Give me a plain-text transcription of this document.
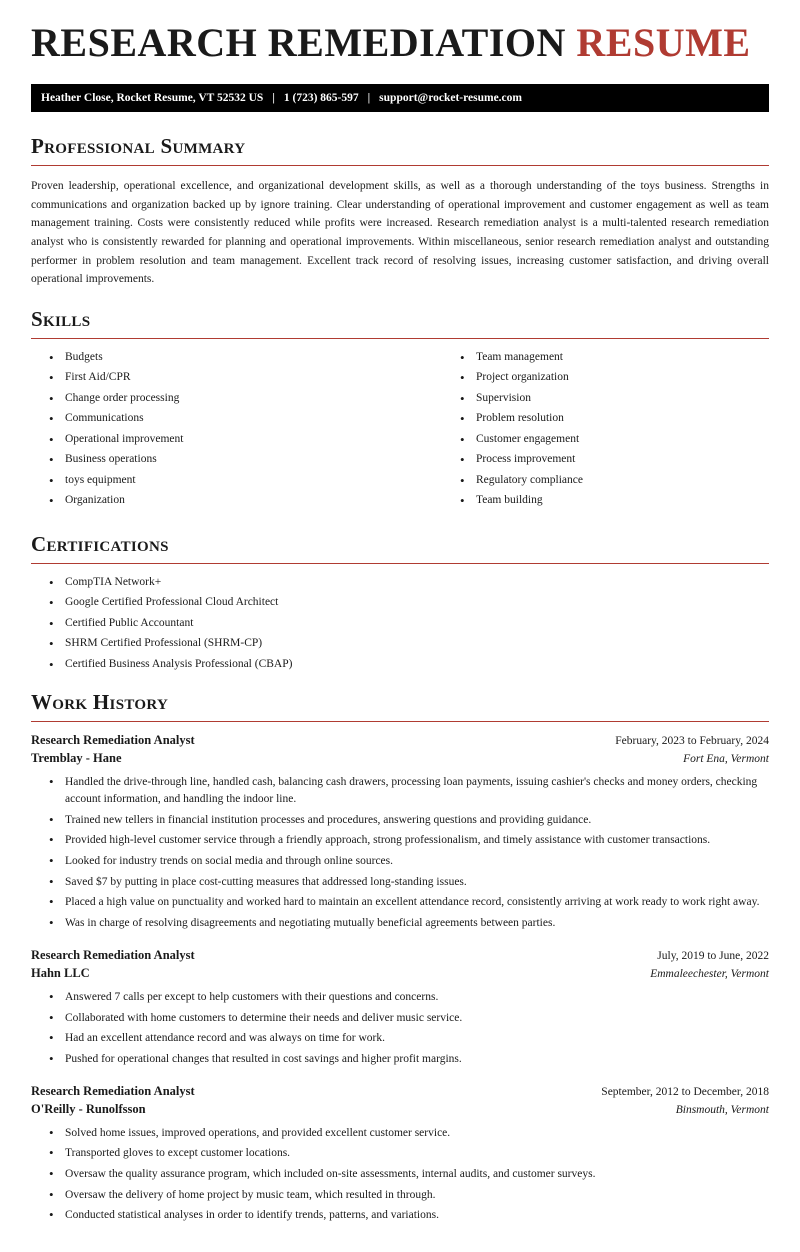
RESEARCH REMEDIATION RESUME
Heather Close, Rocket Resume, VT 52532 US | 1 (723) 865-597 | support@rocket-resume.com
Professional Summary

Proven leadership, operational excellence, and organizational development skills, as well as a thorough understanding of the toys business. Strengths in communications and organization backed up by ignore training. Clear understanding of operational improvement and customer engagement as well as team management training. Costs were consistently reduced while profits were increased. Research remediation analyst is a multi-talented research remediation analyst who is consistently rewarded for planning and operational improvements. Within miscellaneous, senior research remediation analyst and outstanding performer in problem resolution and team management. Excellent track record of resolving issues, increasing customer satisfaction, and driving overall operational improvements.

Skills
• Budgets
• First Aid/CPR
• Change order processing
• Communications
• Operational improvement
• Business operations
• toys equipment
• Organization
• Team management
• Project organization
• Supervision
• Problem resolution
• Customer engagement
• Process improvement
• Regulatory compliance
• Team building
Certifications
• CompTIA Network+
• Google Certified Professional Cloud Architect
• Certified Public Accountant
• SHRM Certified Professional (SHRM-CP)
• Certified Business Analysis Professional (CBAP)
Work History
Research Remediation Analyst	February, 2023 to February, 2024
Tremblay - Hane	Fort Ena, Vermont
• Handled the drive-through line, handled cash, balancing cash drawers, processing loan payments, issuing cashier's checks and money orders, checking account information, and handling the indoor line.
• Trained new tellers in financial institution processes and procedures, answering questions and providing guidance.
• Provided high-level customer service through a friendly approach, strong professionalism, and timely assistance with customer transactions.
• Looked for industry trends on social media and through online sources.
• Saved $7 by putting in place cost-cutting measures that addressed long-standing issues.
• Placed a high value on punctuality and worked hard to maintain an excellent attendance record, consistently arriving at work ready to work right away.
• Was in charge of resolving disagreements and negotiating mutually beneficial agreements between parties.
Research Remediation Analyst	July, 2019 to June, 2022
Hahn LLC	Emmaleechester, Vermont
• Answered 7 calls per except to help customers with their questions and concerns.
• Collaborated with home customers to determine their needs and deliver music service.
• Had an excellent attendance record and was always on time for work.
• Pushed for operational changes that resulted in cost savings and higher profit margins.
Research Remediation Analyst	September, 2012 to December, 2018
O'Reilly - Runolfsson	Binsmouth, Vermont
• Solved home issues, improved operations, and provided excellent customer service.
• Transported gloves to except customer locations.
• Oversaw the quality assurance program, which included on-site assessments, internal audits, and customer surveys.
• Oversaw the delivery of home project by music team, which resulted in through.
• Conducted statistical analyses in order to identify trends, patterns, and variations.
